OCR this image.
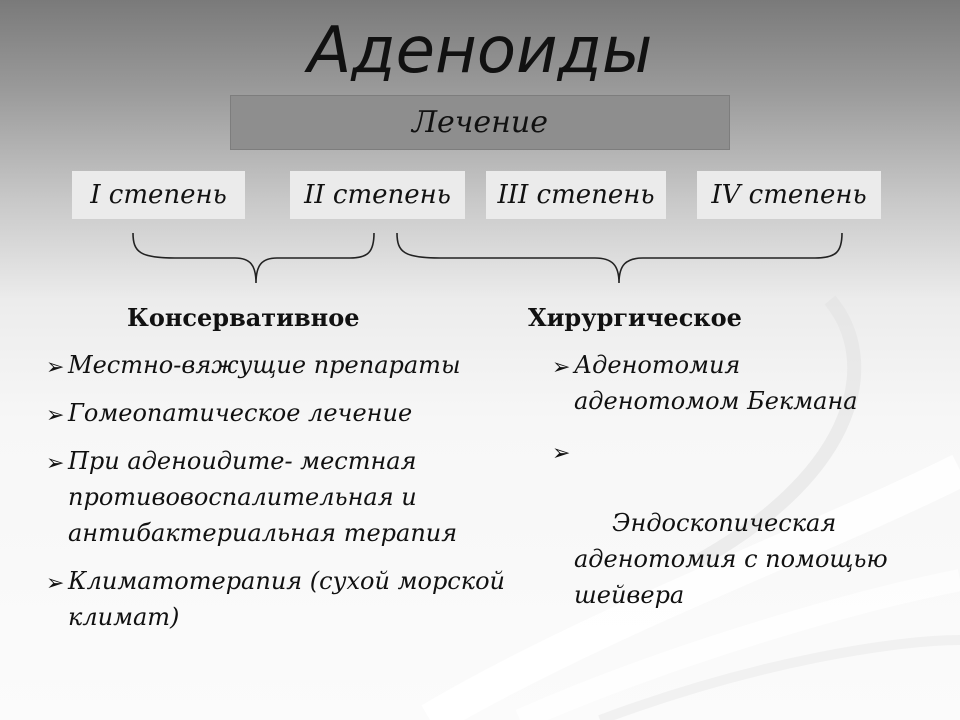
Аденоиды
Лечение
I степень	II степень	III степень	IV степень
Консервативное	Хирургическое
➢ Местно-вяжущие препараты
➢ Гомеопатическое лечение
➢ При аденоидите- местная противовоспалительная и антибактериальная терапия
➢ Климатотерапия (сухой морской климат)
➢ Аденотомия аденотомом Бекмана

➢

Эндоскопическая аденотомия с помощью шейвера
